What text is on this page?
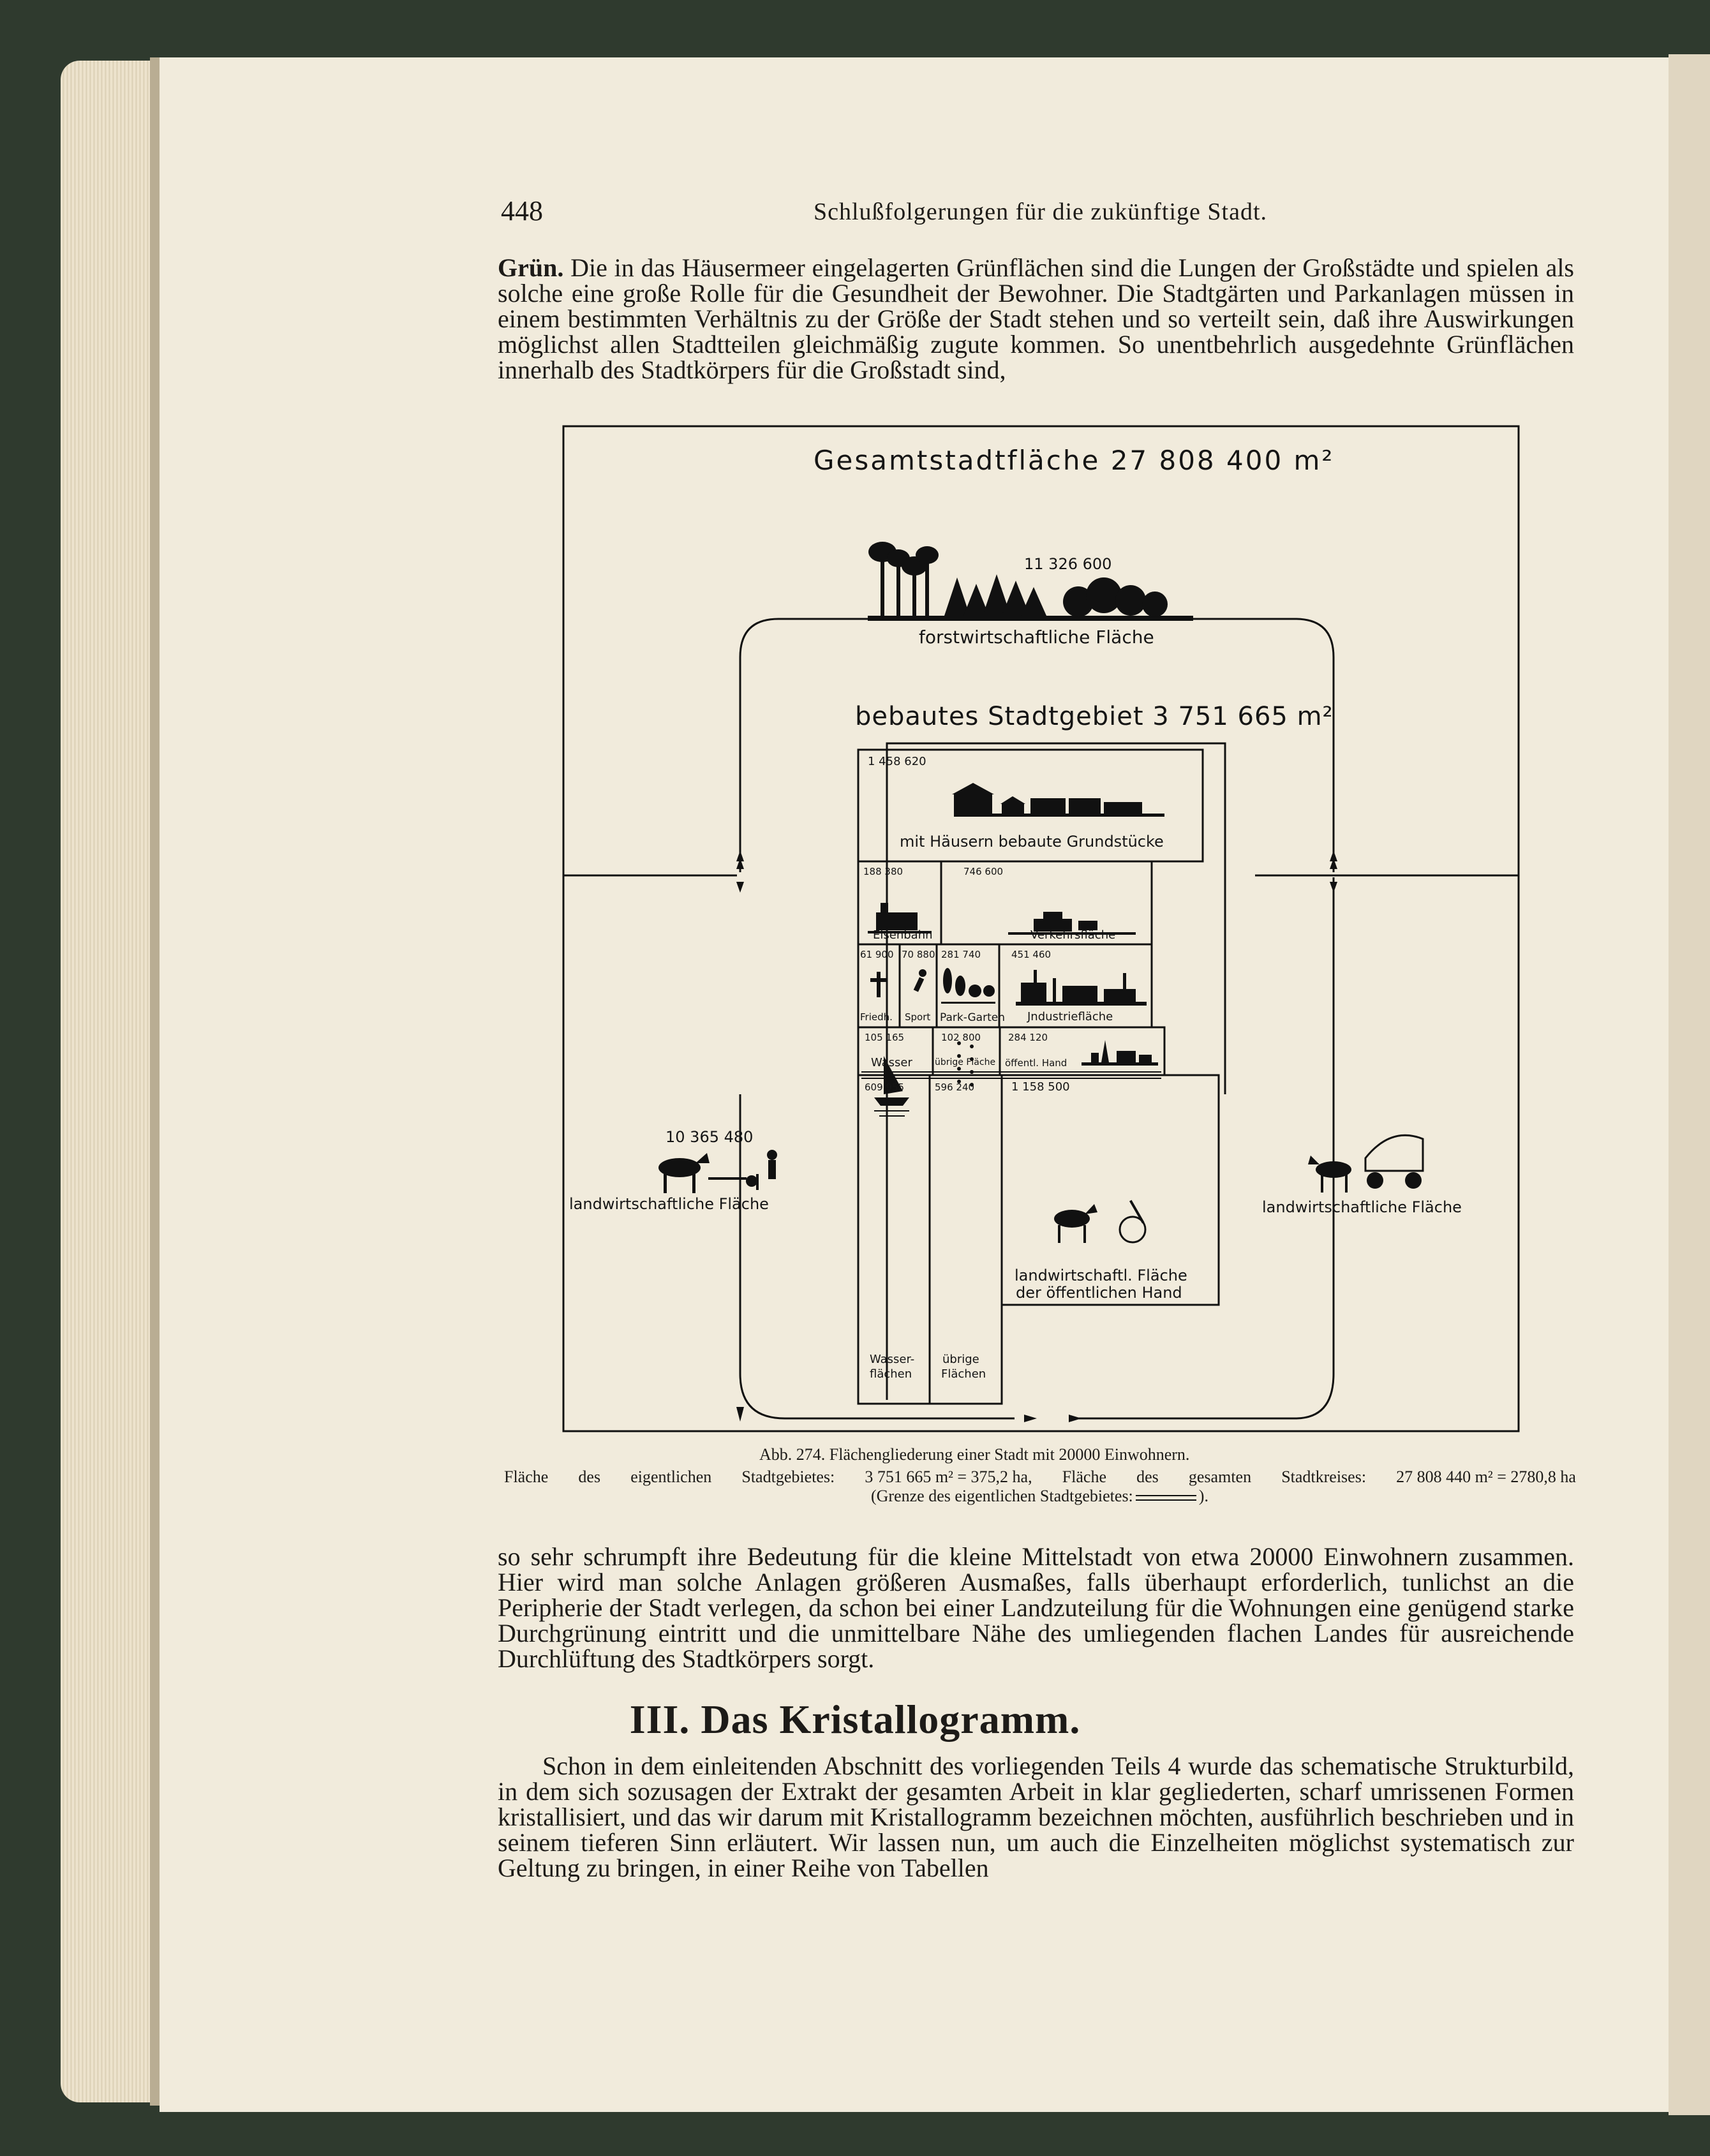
448	Schlußfolgerungen für die zukünftige Stadt.

Grün. Die in das Häusermeer eingelagerten Grünflächen sind die Lungen der Großstädte und spielen als solche eine große Rolle für die Gesundheit der Bewohner. Die Stadtgärten und Parkanlagen müssen in einem bestimmten Verhältnis zu der Größe der Stadt stehen und so verteilt sein, daß ihre Auswirkungen möglichst allen Stadtteilen gleichmäßig zugute kommen. So unentbehrlich ausgedehnte Grünflächen innerhalb des Stadtkörpers für die Großstadt sind,

Gesamtstadtfläche 27 808 400 m²
11 326 600
forstwirtschaftliche Fläche
bebautes Stadtgebiet 3 751 665 m²
1 458 620
mit Häusern bebaute Grundstücke
188 380
Eisenbahn
746 600
Verkehrsfläche
61 900
Friedh.
70 880
Sport
281 740
Park-Garten
451 460
Jndustriefläche
105 165
Wasser
102 800
übrige Fläche
284 120
öffentl. Hand
609 955
Wasser-
flächen
596 240
übrige
Flächen
1 158 500
landwirtschaftl. Fläche
der öffentlichen Hand
10 365 480
landwirtschaftliche Fläche	landwirtschaftliche Fläche
Abb. 274. Flächengliederung einer Stadt mit 20000 Einwohnern.
Fläche des eigentlichen Stadtgebietes: 3 751 665 m² = 375,2 ha, Fläche des gesamten Stadtkreises: 27 808 440 m² = 2780,8 ha
(Grenze des eigentlichen Stadtgebietes:	).

so sehr schrumpft ihre Bedeutung für die kleine Mittelstadt von etwa 20000 Einwohnern zusammen. Hier wird man solche Anlagen größeren Ausmaßes, falls überhaupt erforderlich, tunlichst an die Peripherie der Stadt verlegen, da schon bei einer Landzuteilung für die Wohnungen eine genügend starke Durchgrünung eintritt und die unmittelbare Nähe des umliegenden flachen Landes für ausreichende Durchlüftung des Stadtkörpers sorgt.

III. Das Kristallogramm.

Schon in dem einleitenden Abschnitt des vorliegenden Teils 4 wurde das schematische Strukturbild, in dem sich sozusagen der Extrakt der gesamten Arbeit in klar gegliederten, scharf umrissenen Formen kristallisiert, und das wir darum mit Kristallogramm bezeichnen möchten, ausführlich beschrieben und in seinem tieferen Sinn erläutert. Wir lassen nun, um auch die Einzelheiten möglichst systematisch zur Geltung zu bringen, in einer Reihe von Tabellen
